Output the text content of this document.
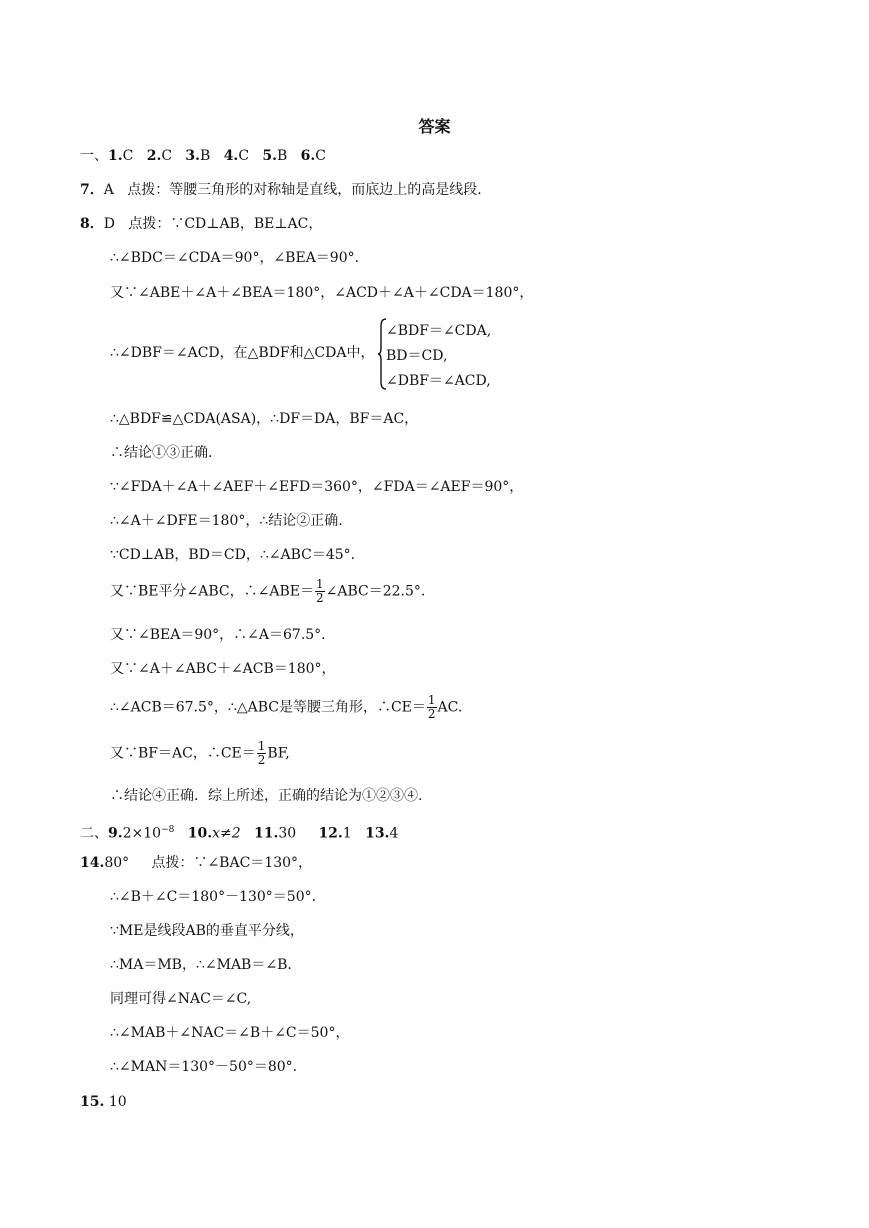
答案
一、1.C 2.C 3.B 4.C 5.B 6.C
7．A 点拨：等腰三角形的对称轴是直线，而底边上的高是线段.
8．D 点拨：∵CD⊥AB，BE⊥AC，
∴∠BDC＝∠CDA＝90°，∠BEA＝90°.
又∵∠ABE＋∠A＋∠BEA＝180°，∠ACD＋∠A＋∠CDA＝180°，
∴∠DBF＝∠ACD，在△BDF和△CDA中，
∠BDF＝∠CDA,
BD＝CD,
∠DBF＝∠ACD,
∴△BDF≌△CDA(ASA)，∴DF＝DA，BF＝AC，
∴结论①③正确.
∵∠FDA＋∠A＋∠AEF＋∠EFD＝360°，∠FDA＝∠AEF＝90°，
∴∠A＋∠DFE＝180°，∴结论②正确.
∵CD⊥AB，BD＝CD，∴∠ABC＝45°.
又∵BE平分∠ABC，∴∠ABE＝ $\frac{1}{2}$ ∠ABC＝22.5°.
又∵∠BEA＝90°，∴∠A＝67.5°.
又∵∠A＋∠ABC＋∠ACB＝180°，
∴∠ACB＝67.5°，∴△ABC是等腰三角形，∴CE＝ $\frac{1}{2}$ AC.
又∵BF＝AC，∴CE＝ $\frac{1}{2}$ BF,
∴结论④正确．综上所述，正确的结论为①②③④.
二、$9.2\times 10^{-8}$ 10.x≠2 11.30 12.1 13.4
14.80° 点拨：∵∠BAC＝130°，
∴∠B＋∠C＝180°－130°＝50°.
∵ME是线段AB的垂直平分线，
∴MA＝MB，∴∠MAB＝∠B.
同理可得∠NAC＝∠C,
∴∠MAB＋∠NAC＝∠B＋∠C＝50°，
∴∠MAN＝130°－50°＝80°.
15. 10
